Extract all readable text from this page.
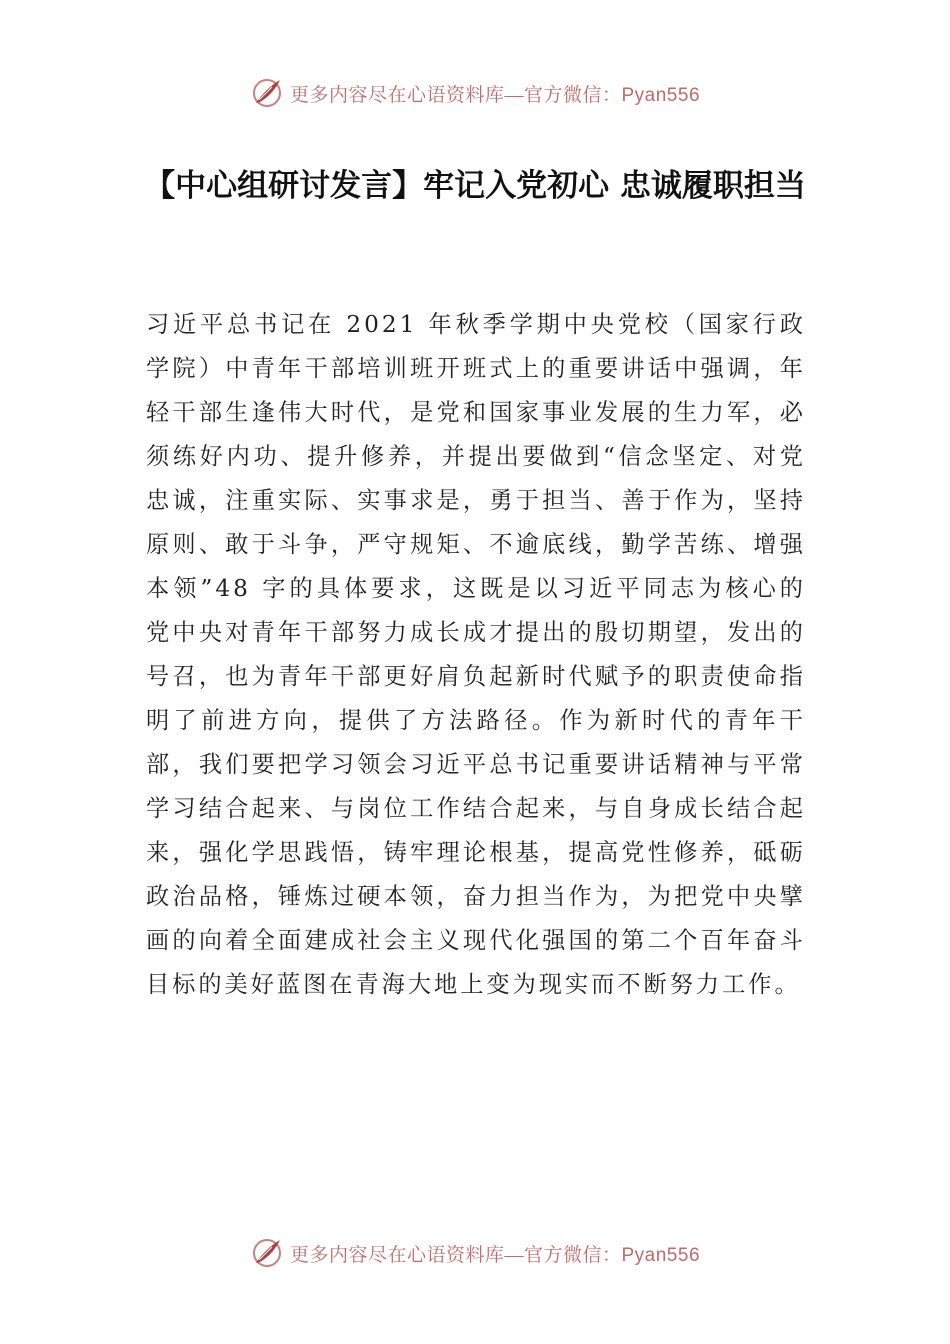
更多内容尽在心语资料库—官方微信：Pyan556
【中心组研讨发言】牢记入党初心 忠诚履职担当

习近平总书记在 2021 年秋季学期中央党校（国家行政学院）中青年干部培训班开班式上的重要讲话中强调，年轻干部生逢伟大时代，是党和国家事业发展的生力军，必须练好内功、提升修养，并提出要做到“信念坚定、对党忠诚，注重实际、实事求是，勇于担当、善于作为，坚持原则、敢于斗争，严守规矩、不逾底线，勤学苦练、增强本领”48 字的具体要求，这既是以习近平同志为核心的党中央对青年干部努力成长成才提出的殷切期望，发出的号召，也为青年干部更好肩负起新时代赋予的职责使命指明了前进方向，提供了方法路径。作为新时代的青年干部，我们要把学习领会习近平总书记重要讲话精神与平常学习结合起来、与岗位工作结合起来，与自身成长结合起来，强化学思践悟，铸牢理论根基，提高党性修养，砥砺政治品格，锤炼过硬本领，奋力担当作为，为把党中央擘画的向着全面建成社会主义现代化强国的第二个百年奋斗目标的美好蓝图在青海大地上变为现实而不断努力工作。

更多内容尽在心语资料库—官方微信：Pyan556
